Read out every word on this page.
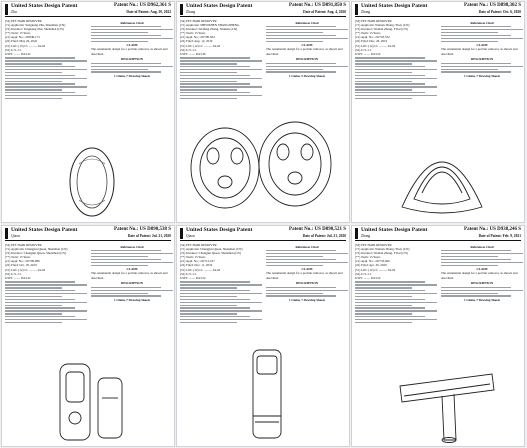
United States Design Patent	Patent No.: US D962,361 S
Zhu	Date of Patent: Aug. 30, 2022
(54) PET HAIR REMOVER
(71) Applicant: Yongkang Zhu, Shenzhen (CN)
(72) Inventor: Yongkang Zhu, Shenzhen (CN)
(**) Term: 15 Years
(21) Appl. No.: 29/840,173
(22) Filed: May 26, 2022
(51) LOC (13) Cl. .......... 04-02
(52) U.S. Cl.
USPC ........ D4/122
References Cited
CLAIM
The ornamental design for a pet hair remover, as shown and described.
DESCRIPTION
1 Claim, 7 Drawing Sheets
United States Design Patent	Patent No.: US D891,850 S
Zhang	Date of Patent: Aug. 4, 2020
(54) PET HAIR REMOVER
(71) Applicant: SHENZHEN SHANGSHENG
(72) Inventor: Weifang Zhang, Xiamen (CN)
(**) Term: 15 Years
(21) Appl. No.: 29/700,564
(22) Filed: Aug. 12, 2019
(51) LOC (12) Cl. .......... 04-02
(52) U.S. Cl.
USPC ........ D4/136
References Cited
CLAIM
The ornamental design for a pet hair remover, as shown and described.
DESCRIPTION
1 Claim, 5 Drawing Sheets
United States Design Patent	Patent No.: US D898,302 S
Zhang	Date of Patent: Oct. 6, 2020
(54) PET HAIR REMOVER
(71) Applicant: Weinan Zhang, Yiwu (CN)
(72) Inventor: Weinan Zhang, Yiwu (CN)
(**) Term: 15 Years
(21) Appl. No.: 29/718,552
(22) Filed: Dec. 26, 2019
(51) LOC (12) Cl. .......... 04-02
(52) U.S. Cl.
USPC ........ D4/122
References Cited
CLAIM
The ornamental design for a pet hair remover, as shown and described.
DESCRIPTION
1 Claim, 7 Drawing Sheets
United States Design Patent	Patent No.: US D890,538 S
Qiaon	Date of Patent: Jul. 21, 2020
(54) PET HAIR REMOVER
(71) Applicant: Changjun Qiaon, Shenzhen (CN)
(72) Inventor: Changjun Qiaon, Shenzhen (CN)
(**) Term: 15 Years
(21) Appl. No.: 29/709,086
(22) Filed: Oct. 18, 2019
(51) LOC (12) Cl. .......... 04-02
(52) U.S. Cl.
USPC ........ D4/122
References Cited
CLAIM
The ornamental design for a pet hair remover, as shown and described.
DESCRIPTION
1 Claim, 7 Drawing Sheets
United States Design Patent	Patent No.: US D890,521 S
Qiaon	Date of Patent: Jul. 21, 2020
(54) PET HAIR REMOVER
(71) Applicant: Changjun Qiaon, Shenzhen (CN)
(72) Inventor: Changjun Qiaon, Shenzhen (CN)
(**) Term: 15 Years
(21) Appl. No.: 29/712,107
(22) Filed: Nov. 11, 2019
(51) LOC (12) Cl. .......... 04-02
(52) U.S. Cl.
USPC ........ D4/122
References Cited
CLAIM
The ornamental design for a pet hair remover, as shown and described.
DESCRIPTION
1 Claim, 7 Drawing Sheets
United States Design Patent	Patent No.: US D938,246 S
Zhang	Date of Patent: Feb. 9, 2021
(54) PET HAIR REMOVER
(71) Applicant: Weinan Zhang, Yiwu (CN)
(72) Inventor: Weinan Zhang, Yiwu (CN)
(**) Term: 15 Years
(21) Appl. No.: 29/733,466
(22) Filed: Apr. 30, 2020
(51) LOC (12) Cl. .......... 04-02
(52) U.S. Cl.
USPC ........ D4/122
References Cited
CLAIM
The ornamental design for a pet hair remover, as shown and described.
DESCRIPTION
1 Claim, 7 Drawing Sheets
